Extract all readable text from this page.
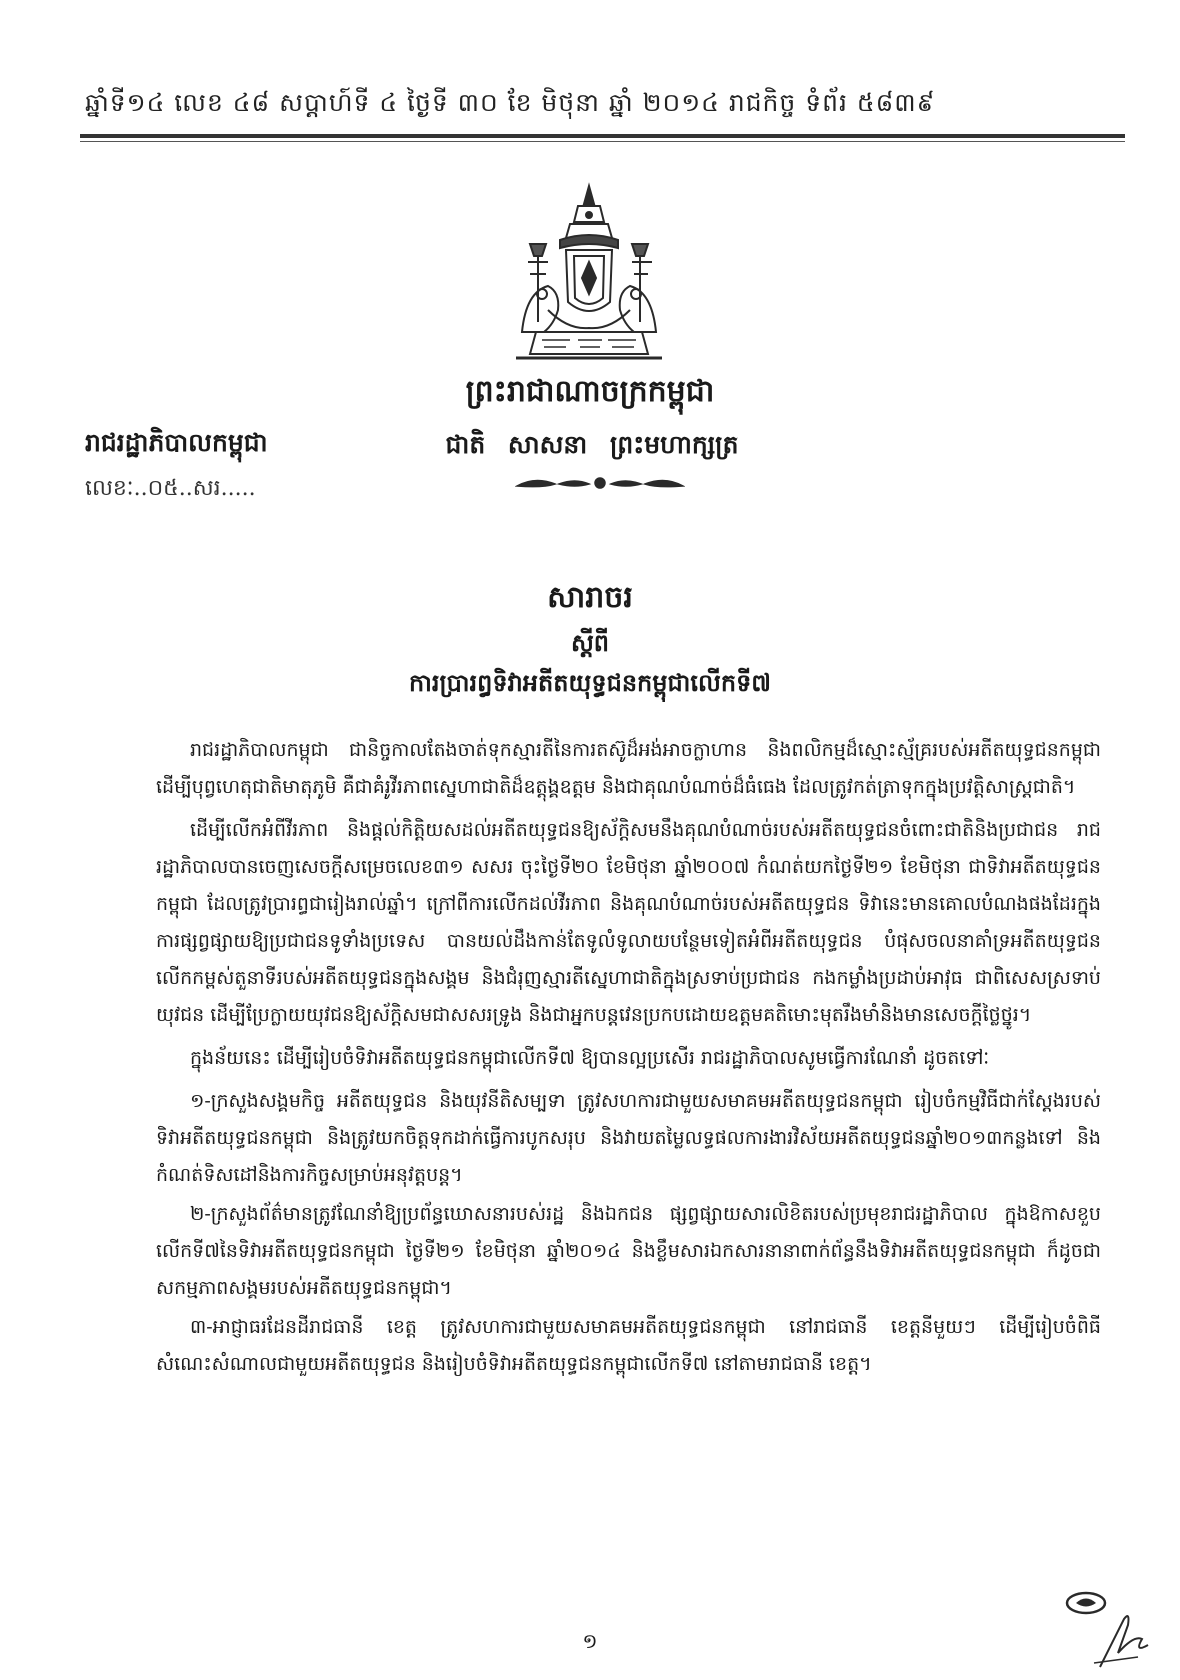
ឆ្នាំទី១៤ លេខ ៤៨ សប្ដាហ៍ទី ៤ ថ្ងៃទី ៣០ ខែ មិថុនា ឆ្នាំ ២០១៤ រាជកិច្ច ទំព័រ ៥៨៣៩
ព្រះរាជាណាចក្រកម្ពុជា
ជាតិ សាសនា ព្រះមហាក្សត្រ
រាជរដ្ឋាភិបាលកម្ពុជា
លេខៈ..០៥..សរ.....
សារាចរ
ស្ដីពី
ការប្រារព្ធទិវាអតីតយុទ្ធជនកម្ពុជាលើកទី៧

រាជរដ្ឋាភិបាលកម្ពុជា ជានិច្ចកាលតែងចាត់ទុកស្មារតីនៃការតស៊ូដ៏អង់អាចក្លាហាន និងពលិកម្មដ៏ស្មោះស្ម័គ្ររបស់អតីតយុទ្ធជនកម្ពុជា ដើម្បីបុព្វហេតុជាតិមាតុភូមិ គឺជាគំរូវីរភាពស្នេហាជាតិដ៏ឧត្តុង្គឧត្តម និងជាគុណបំណាច់ដ៏ធំធេង ដែលត្រូវកត់ត្រាទុកក្នុងប្រវត្តិសាស្ត្រជាតិ។

ដើម្បីលើកអំពីវីរភាព និងផ្ដល់កិត្តិយសដល់អតីតយុទ្ធជនឱ្យស័ក្តិសមនឹងគុណបំណាច់របស់អតីតយុទ្ធជនចំពោះជាតិនិងប្រជាជន រាជរដ្ឋាភិបាលបានចេញសេចក្ដីសម្រេចលេខ៣១ សសរ ចុះថ្ងៃទី២០ ខែមិថុនា ឆ្នាំ២០០៧ កំណត់យកថ្ងៃទី២១ ខែមិថុនា ជាទិវាអតីតយុទ្ធជនកម្ពុជា ដែលត្រូវប្រារព្ធជារៀងរាល់ឆ្នាំ។ ក្រៅពីការលើកដល់វីរភាព និងគុណបំណាច់របស់អតីតយុទ្ធជន ទិវានេះមានគោលបំណងផងដែរក្នុងការផ្សព្វផ្សាយឱ្យប្រជាជនទូទាំងប្រទេស បានយល់ដឹងកាន់តែទូលំទូលាយបន្ថែមទៀតអំពីអតីតយុទ្ធជន បំផុសចលនាគាំទ្រអតីតយុទ្ធជន លើកកម្ពស់តួនាទីរបស់អតីតយុទ្ធជនក្នុងសង្គម និងជំរុញស្មារតីស្នេហាជាតិក្នុងស្រទាប់ប្រជាជន កងកម្លាំងប្រដាប់អាវុធ ជាពិសេសស្រទាប់យុវជន ដើម្បីប្រែក្លាយយុវជនឱ្យស័ក្តិសមជាសសរទ្រូង និងជាអ្នកបន្តវេនប្រកបដោយឧត្តមគតិមោះមុតរឹងមាំនិងមានសេចក្ដីថ្លៃថ្នូរ។

ក្នុងន័យនេះ ដើម្បីរៀបចំទិវាអតីតយុទ្ធជនកម្ពុជាលើកទី៧ ឱ្យបានល្អប្រសើរ រាជរដ្ឋាភិបាលសូមធ្វើការណែនាំ ដូចតទៅៈ

១-ក្រសួងសង្គមកិច្ច អតីតយុទ្ធជន និងយុវនីតិសម្បទា ត្រូវសហការជាមួយសមាគមអតីតយុទ្ធជនកម្ពុជា រៀបចំកម្មវិធីជាក់ស្ដែងរបស់ទិវាអតីតយុទ្ធជនកម្ពុជា និងត្រូវយកចិត្តទុកដាក់ធ្វើការបូកសរុប និងវាយតម្លៃលទ្ធផលការងារវិស័យអតីតយុទ្ធជនឆ្នាំ២០១៣កន្លងទៅ និងកំណត់ទិសដៅនិងការកិច្ចសម្រាប់អនុវត្តបន្ត។

២-ក្រសួងព័ត៌មានត្រូវណែនាំឱ្យប្រព័ន្ធឃោសនារបស់រដ្ឋ និងឯកជន ផ្សព្វផ្សាយសារលិខិតរបស់ប្រមុខរាជរដ្ឋាភិបាល ក្នុងឱកាសខួបលើកទី៧នៃទិវាអតីតយុទ្ធជនកម្ពុជា ថ្ងៃទី២១ ខែមិថុនា ឆ្នាំ២០១៤ និងខ្លឹមសារឯកសារនានាពាក់ព័ន្ធនឹងទិវាអតីតយុទ្ធជនកម្ពុជា ក៏ដូចជាសកម្មភាពសង្គមរបស់អតីតយុទ្ធជនកម្ពុជា។

៣-អាជ្ញាធរដែនដីរាជធានី ខេត្ត ត្រូវសហការជាមួយសមាគមអតីតយុទ្ធជនកម្ពុជា នៅរាជធានី ខេត្តនីមួយៗ ដើម្បីរៀបចំពិធីសំណេះសំណាលជាមួយអតីតយុទ្ធជន និងរៀបចំទិវាអតីតយុទ្ធជនកម្ពុជាលើកទី៧ នៅតាមរាជធានី ខេត្ត។

១
